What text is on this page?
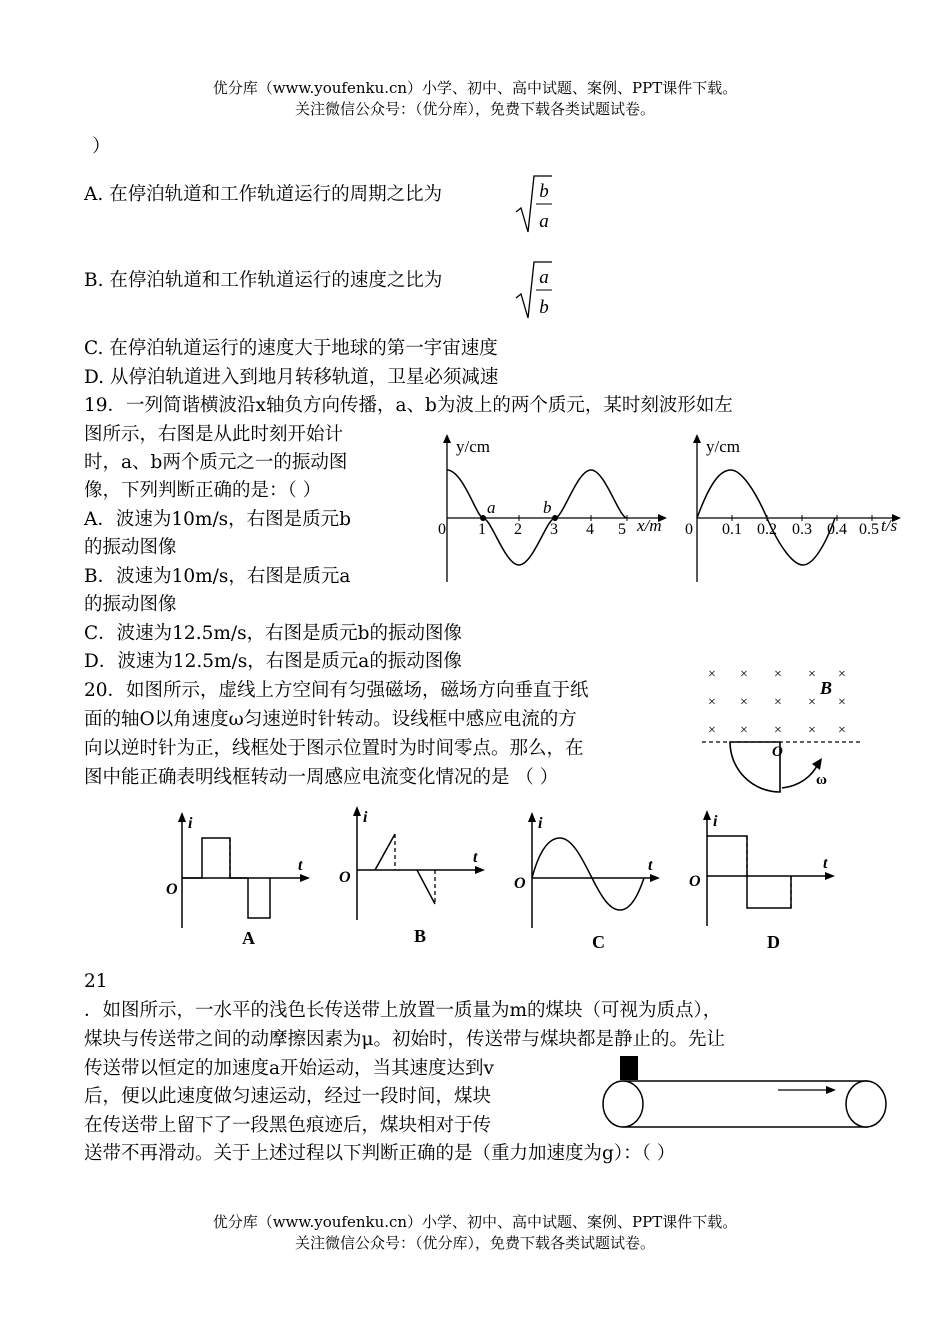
优分库（www.youfenku.cn）小学、初中、高中试题、案例、PPT课件下载。
关注微信公众号：（优分库），免费下载各类试题试卷。
）
A. 在停泊轨道和工作轨道运行的周期之比为	b
a
B. 在停泊轨道和工作轨道运行的速度之比为	a
b
C. 在停泊轨道运行的速度大于地球的第一宇宙速度
D. 从停泊轨道进入到地月转移轨道，卫星必须减速
19．一列简谐横波沿x轴负方向传播，a、b为波上的两个质元，某时刻波形如左
图所示，右图是从此时刻开始计
时，a、b两个质元之一的振动图
像，下列判断正确的是：（ ）
A．波速为10m/s，右图是质元b
的振动图像
B．波速为10m/s，右图是质元a
的振动图像
C．波速为12.5m/s，右图是质元b的振动图像
D．波速为12.5m/s，右图是质元a的振动图像
y/cm
x/m
a	b
0 1 2 3 4 5
y/cm
t/s
0 0.1 0.2 0.3 0.4 0.5
20．如图所示，虚线上方空间有匀强磁场，磁场方向垂直于纸
面的轴O以角速度ω匀速逆时针转动。设线框中感应电流的方
向以逆时针为正，线框处于图示位置时为时间零点。那么，在
图中能正确表明线框转动一周感应电流变化情况的是 （ ）
× × × × ×
× × × × ×
× × × × ×
B
O
ω
i
t
O
A
i
t
O
B
i
t
O
C
i
t
O
D
21
．如图所示，一水平的浅色长传送带上放置一质量为m的煤块（可视为质点），
煤块与传送带之间的动摩擦因素为μ。初始时，传送带与煤块都是静止的。先让
传送带以恒定的加速度a开始运动，当其速度达到v
后，便以此速度做匀速运动，经过一段时间，煤块
在传送带上留下了一段黑色痕迹后，煤块相对于传
送带不再滑动。关于上述过程以下判断正确的是（重力加速度为g）：（ ）
优分库（www.youfenku.cn）小学、初中、高中试题、案例、PPT课件下载。
关注微信公众号：（优分库），免费下载各类试题试卷。
